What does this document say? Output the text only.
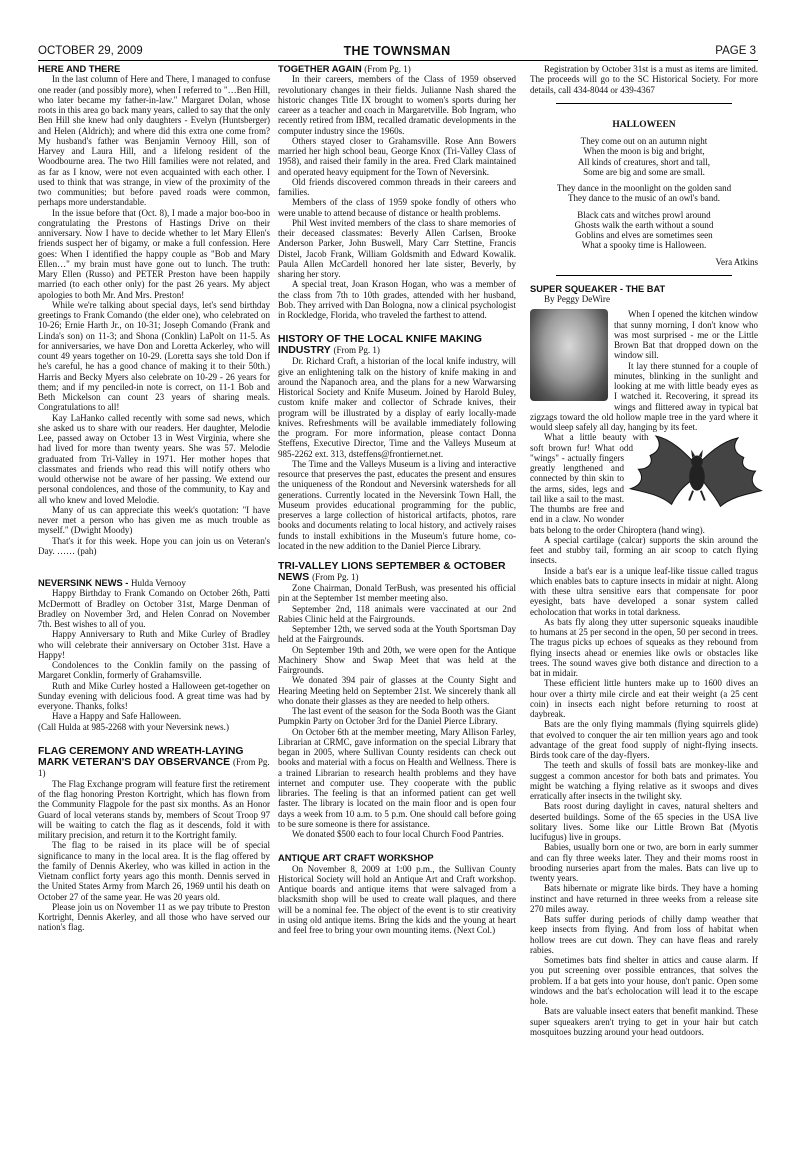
OCTOBER 29, 2009	THE TOWNSMAN	PAGE 3
HERE AND THERE

In the last column of Here and There, I managed to confuse one reader (and possibly more), when I referred to "…Ben Hill, who later became my father-in-law." Margaret Dolan, whose roots in this area go back many years, called to say that the only Ben Hill she knew had only daughters - Evelyn (Huntsberger) and Helen (Aldrich); and where did this extra one come from? My husband's father was Benjamin Vernooy Hill, son of Harvey and Laura Hill, and a lifelong resident of the Woodbourne area. The two Hill families were not related, and as far as I know, were not even acquainted with each other. I used to think that was strange, in view of the proximity of the two communities; but before paved roads were common, perhaps more understandable.

In the issue before that (Oct. 8), I made a major boo-boo in congratulating the Prestons of Hastings Drive on their anniversary. Now I have to decide whether to let Mary Ellen's friends suspect her of bigamy, or make a full confession. Here goes: When I identified the happy couple as "Bob and Mary Ellen…" my brain must have gone out to lunch. The truth: Mary Ellen (Russo) and PETER Preston have been happily married (to each other only) for the past 26 years. My abject apologies to both Mr. And Mrs. Preston!

While we're talking about special days, let's send birthday greetings to Frank Comando (the elder one), who celebrated on 10-26; Ernie Harth Jr., on 10-31; Joseph Comando (Frank and Linda's son) on 11-3; and Shona (Conklin) LaPolt on 11-5. As for anniversaries, we have Don and Loretta Ackerley, who will count 49 years together on 10-29. (Loretta says she told Don if he's careful, he has a good chance of making it to their 50th.) Harris and Becky Myers also celebrate on 10-29 - 26 years for them; and if my penciled-in note is correct, on 11-1 Bob and Beth Mickelson can count 23 years of sharing meals. Congratulations to all!

Kay LaHanko called recently with some sad news, which she asked us to share with our readers. Her daughter, Melodie Lee, passed away on October 13 in West Virginia, where she had lived for more than twenty years. She was 57. Melodie graduated from Tri-Valley in 1971. Her mother hopes that classmates and friends who read this will notify others who would otherwise not be aware of her passing. We extend our personal condolences, and those of the community, to Kay and all who knew and loved Melodie.

Many of us can appreciate this week's quotation: "I have never met a person who has given me as much trouble as myself." (Dwight Moody)

That's it for this week. Hope you can join us on Veteran's Day. …… (pah)

NEVERSINK NEWS - Hulda Vernooy

Happy Birthday to Frank Comando on October 26th, Patti McDermott of Bradley on October 31st, Marge Denman of Bradley on November 3rd, and Helen Conrad on November 7th. Best wishes to all of you.

Happy Anniversary to Ruth and Mike Curley of Bradley who will celebrate their anniversary on October 31st. Have a Happy!

Condolences to the Conklin family on the passing of Margaret Conklin, formerly of Grahamsville.

Ruth and Mike Curley hosted a Halloween get-together on Sunday evening with delicious food. A great time was had by everyone. Thanks, folks!

Have a Happy and Safe Halloween.

(Call Hulda at 985-2268 with your Neversink news.)

FLAG CEREMONY AND WREATH-LAYING MARK VETERAN'S DAY OBSERVANCE (From Pg. 1)

The Flag Exchange program will feature first the retirement of the flag honoring Preston Kortright, which has flown from the Community Flagpole for the past six months. As an Honor Guard of local veterans stands by, members of Scout Troop 97 will be waiting to catch the flag as it descends, fold it with military precision, and return it to the Kortright family.

The flag to be raised in its place will be of special significance to many in the local area. It is the flag offered by the family of Dennis Akerley, who was killed in action in the Vietnam conflict forty years ago this month. Dennis served in the United States Army from March 26, 1969 until his death on October 27 of the same year. He was 20 years old.

Please join us on November 11 as we pay tribute to Preston Kortright, Dennis Akerley, and all those who have served our nation's flag.

TOGETHER AGAIN (From Pg. 1)

In their careers, members of the Class of 1959 observed revolutionary changes in their fields. Julianne Nash shared the historic changes Title IX brought to women's sports during her career as a teacher and coach in Margaretville. Bob Ingram, who recently retired from IBM, recalled dramatic developments in the computer industry since the 1960s.

Others stayed closer to Grahamsville. Rose Ann Bowers married her high school beau, George Knox (Tri-Valley Class of 1958), and raised their family in the area. Fred Clark maintained and operated heavy equipment for the Town of Neversink.

Old friends discovered common threads in their careers and families.

Members of the class of 1959 spoke fondly of others who were unable to attend because of distance or health problems.

Phil West invited members of the class to share memories of their deceased classmates: Beverly Allen Carlsen, Brooke Anderson Parker, John Buswell, Mary Carr Stettine, Francis Distel, Jacob Frank, William Goldsmith and Edward Kowalik. Paula Allen McCardell honored her late sister, Beverly, by sharing her story.

A special treat, Joan Krason Hogan, who was a member of the class from 7th to 10th grades, attended with her husband, Bob. They arrived with Dan Bologna, now a clinical psychologist in Rockledge, Florida, who traveled the farthest to attend.

HISTORY OF THE LOCAL KNIFE MAKING INDUSTRY (From Pg. 1)

Dr. Richard Craft, a historian of the local knife industry, will give an enlightening talk on the history of knife making in and around the Napanoch area, and the plans for a new Warwarsing Historical Society and Knife Museum. Joined by Harold Buley, custom knife maker and collector of Schrade knives, their program will be illustrated by a display of early locally-made knives. Refreshments will be available immediately following the program. For more information, please contact Donna Steffens, Executive Director, Time and the Valleys Museum at 985-2262 ext. 313, dsteffens@frontiernet.net.

The Time and the Valleys Museum is a living and interactive resource that preserves the past, educates the present and ensures the uniqueness of the Rondout and Neversink watersheds for all generations. Currently located in the Neversink Town Hall, the Museum provides educational programming for the public, preserves a large collection of historical artifacts, photos, rare books and documents relating to local history, and actively raises funds to install exhibitions in the Museum's future home, co-located in the new addition to the Daniel Pierce Library.

TRI-VALLEY LIONS SEPTEMBER & OCTOBER NEWS (From Pg. 1)

Zone Chairman, Donald TerBush, was presented his official pin at the September 1st member meeting also.

September 2nd, 118 animals were vaccinated at our 2nd Rabies Clinic held at the Fairgrounds.

September 12th, we served soda at the Youth Sportsman Day held at the Fairgrounds.

On September 19th and 20th, we were open for the Antique Machinery Show and Swap Meet that was held at the Fairgrounds.

We donated 394 pair of glasses at the County Sight and Hearing Meeting held on September 21st. We sincerely thank all who donate their glasses as they are needed to help others.

The last event of the season for the Soda Booth was the Giant Pumpkin Party on October 3rd for the Daniel Pierce Library.

On October 6th at the member meeting, Mary Allison Farley, Librarian at CRMC, gave information on the special Library that began in 2005, where Sullivan County residents can check out books and material with a focus on Health and Wellness. There is a trained Librarian to research health problems and they have internet and computer use. They cooperate with the public libraries. The feeling is that an informed patient can get well faster. The library is located on the main floor and is open four days a week from 10 a.m. to 5 p.m. One should call before going to be sure someone is there for assistance.

We donated $500 each to four local Church Food Pantries.

ANTIQUE ART CRAFT WORKSHOP

On November 8, 2009 at 1:00 p.m., the Sullivan County Historical Society will hold an Antique Art and Craft workshop. Antique boards and antique items that were salvaged from a blacksmith shop will be used to create wall plaques, and there will be a nominal fee. The object of the event is to stir creativity in using old antique items. Bring the kids and the young at heart and feel free to bring your own mounting items. (Next Col.)

Registration by October 31st is a must as items are limited. The proceeds will go to the SC Historical Society. For more details, call 434-8044 or 439-4367

HALLOWEEN

They come out on an autumn night

When the moon is big and bright,

All kinds of creatures, short and tall,

Some are big and some are small.

They dance in the moonlight on the golden sand

They dance to the music of an owl's band.

Black cats and witches prowl around

Ghosts walk the earth without a sound

Goblins and elves are sometimes seen

What a spooky time is Halloween.

Vera Atkins
SUPER SQUEAKER - THE BAT
By Peggy DeWire

When I opened the kitchen window that sunny morning, I don't know who was most surprised - me or the Little Brown Bat that dropped down on the window sill.

It lay there stunned for a couple of minutes, blinking in the sunlight and looking at me with little beady eyes as I watched it. Recovering, it spread its wings and flittered away in typical bat zigzags toward the old hollow maple tree in the yard where it would sleep safely all day, hanging by its feet.

What a little beauty with soft brown fur! What odd "wings" - actually fingers greatly lengthened and connected by thin skin to the arms, sides, legs and tail like a sail to the mast. The thumbs are free and end in a claw. No wonder bats belong to the order Chiroptera (hand wing).

A special cartilage (calcar) supports the skin around the feet and stubby tail, forming an air scoop to catch flying insects.

Inside a bat's ear is a unique leaf-like tissue called tragus which enables bats to capture insects in midair at night. Along with these ultra sensitive ears that compensate for poor eyesight, bats have developed a sonar system called echolocation that works in total darkness.

As bats fly along they utter supersonic squeaks inaudible to humans at 25 per second in the open, 50 per second in trees. The tragus picks up echoes of squeaks as they rebound from flying insects ahead or enemies like owls or obstacles like trees. The sound waves give both distance and direction to a bat in midair.

These efficient little hunters make up to 1600 dives an hour over a thirty mile circle and eat their weight (a 25 cent coin) in insects each night before returning to roost at daybreak.

Bats are the only flying mammals (flying squirrels glide) that evolved to conquer the air ten million years ago and took advantage of the great food supply of night-flying insects. Birds took care of the day-flyers.

The teeth and skulls of fossil bats are monkey-like and suggest a common ancestor for both bats and primates. You might be watching a flying relative as it swoops and dives erratically after insects in the twilight sky.

Bats roost during daylight in caves, natural shelters and deserted buildings. Some of the 65 species in the USA live solitary lives. Some like our Little Brown Bat (Myotis lucifugus) live in groups.

Babies, usually born one or two, are born in early summer and can fly three weeks later. They and their moms roost in brooding nurseries apart from the males. Bats can live up to twenty years.

Bats hibernate or migrate like birds. They have a homing instinct and have returned in three weeks from a release site 270 miles away.

Bats suffer during periods of chilly damp weather that keep insects from flying. And from loss of habitat when hollow trees are cut down. They can have fleas and rarely rabies.

Sometimes bats find shelter in attics and cause alarm. If you put screening over possible entrances, that solves the problem. If a bat gets into your house, don't panic. Open some windows and the bat's echolocation will lead it to the escape hole.

Bats are valuable insect eaters that benefit mankind. These super squeakers aren't trying to get in your hair but catch mosquitoes buzzing around your head outdoors.
